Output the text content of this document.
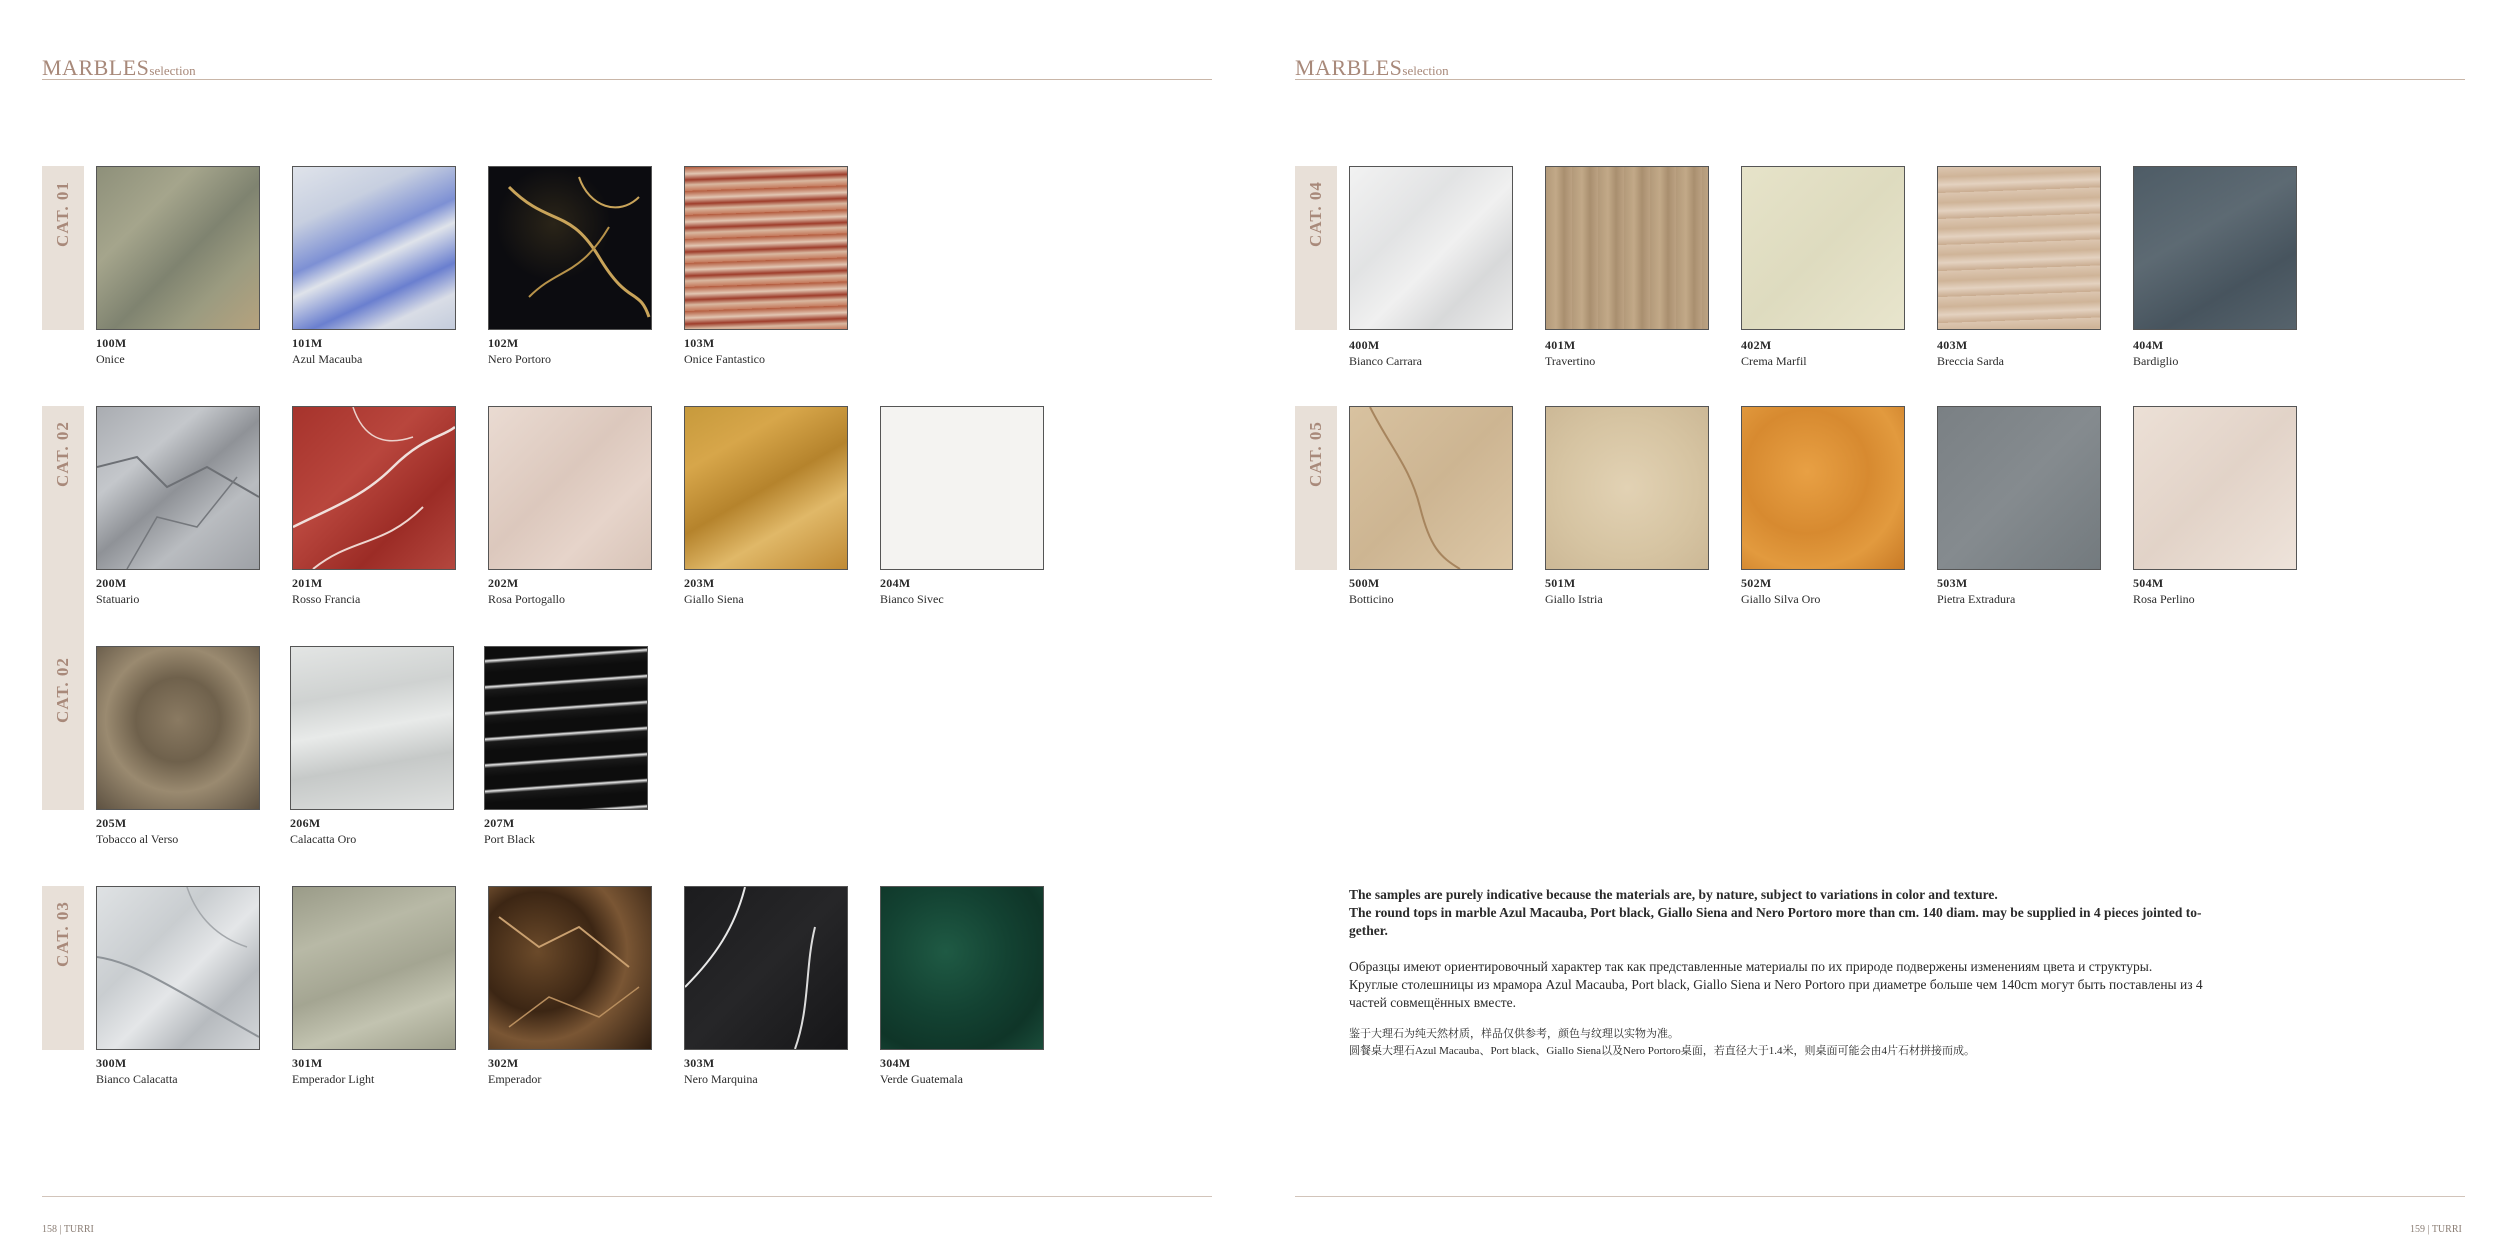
MARBLESselection
CAT. 01
100M
Onice
101M
Azul Macauba
102M
Nero Portoro
103M
Onice Fantastico
CAT. 02
CAT. 02
200M
Statuario
201M
Rosso Francia
202M
Rosa Portogallo
203M
Giallo Siena
204M
Bianco Sivec
205M
Tobacco al Verso
206M
Calacatta Oro
207M
Port Black
CAT. 03
300M
Bianco Calacatta
301M
Emperador Light
302M
Emperador
303M
Nero Marquina
304M
Verde Guatemala
158 | TURRI
MARBLESselection
CAT. 04
400M
Bianco Carrara
401M
Travertino
402M
Crema Marfil
403M
Breccia Sarda
404M
Bardiglio
CAT. 05
500M
Botticino
501M
Giallo Istria
502M
Giallo Silva Oro
503M
Pietra Extradura
504M
Rosa Perlino

The samples are purely indicative because the materials are, by nature, subject to variations in color and texture.

The round tops in marble Azul Macauba, Port black, Giallo Siena and Nero Portoro more than cm. 140 diam. may be supplied in 4 pieces jointed to-

gether.

Образцы имеют ориентировочный характер так как представленные материалы по их природе подвержены изменениям цвета и структуры.

Круглые столешницы из мрамора Azul Macauba, Port black, Giallo Siena и Nero Portoro при диаметре больше чем 140cm могут быть поставлены из 4

частей совмещённых вместе.

鉴于大理石为纯天然材质，样品仅供参考，颜色与纹理以实物为准。

圆餐桌大理石Azul Macauba、Port black、Giallo Siena以及Nero Portoro桌面，若直径大于1.4米，则桌面可能会由4片石材拼接而成。

159 | TURRI
